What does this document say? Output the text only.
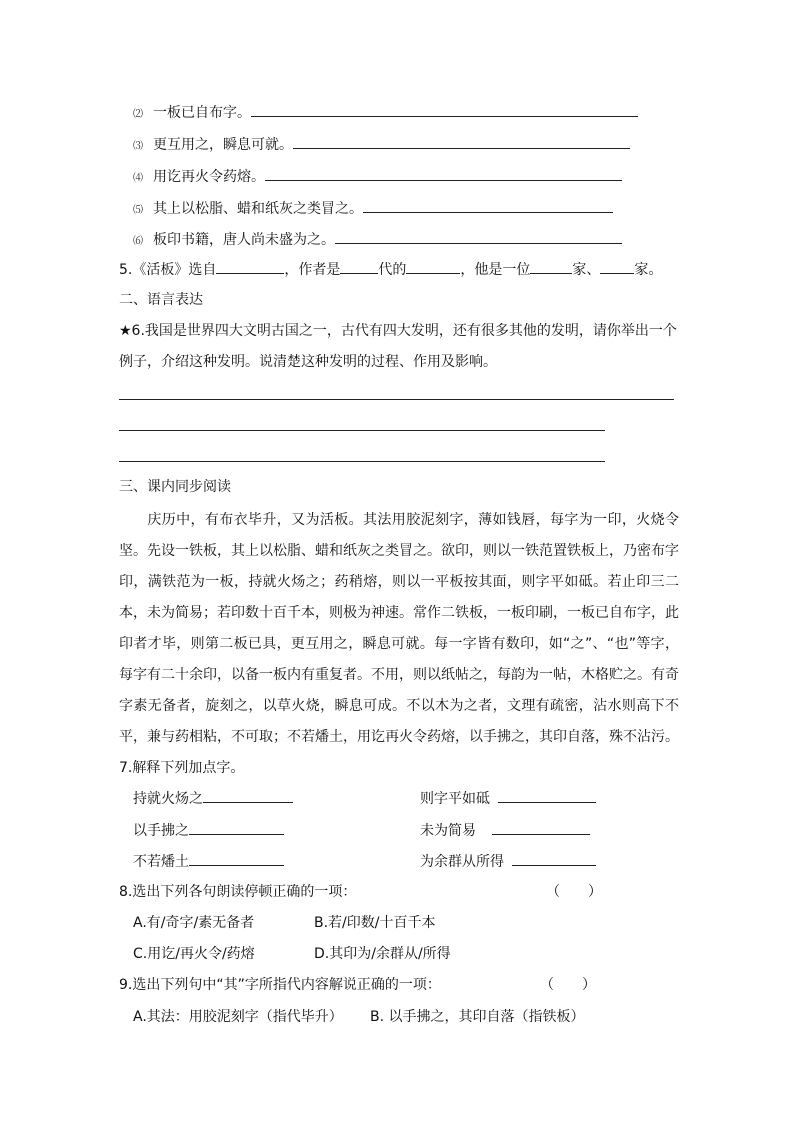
⑵ 一板已自布字。
⑶ 更互用之，瞬息可就。
⑷ 用讫再火令药熔。
⑸ 其上以松脂、蜡和纸灰之类冒之。
⑹ 板印书籍，唐人尚未盛为之。
5.《活板》选自	，作者是	代的	，他是一位	家、 家。
二、语言表达
★6.我国是世界四大文明古国之一，古代有四大发明，还有很多其他的发明，请你举出一个
例子，介绍这种发明。说清楚这种发明的过程、作用及影响。
三、课内同步阅读
庆历中，有布衣毕升，又为活板。其法用胶泥刻字，薄如钱唇，每字为一印，火烧令坚。先设一铁板，其上以松脂、蜡和纸灰之类冒之。欲印，则以一铁范置铁板上，乃密布字印，满铁范为一板，持就火炀之；药稍熔，则以一平板按其面，则字平如砥。若止印三二本，未为简易；若印数十百千本，则极为神速。常作二铁板，一板印刷，一板已自布字，此印者才毕，则第二板已具，更互用之，瞬息可就。每一字皆有数印，如“之”、“也”等字，每字有二十余印，以备一板内有重复者。不用，则以纸帖之，每韵为一帖，木格贮之。有奇字素无备者，旋刻之，以草火烧，瞬息可成。不以木为之者，文理有疏密，沾水则高下不平，兼与药相粘，不可取；不若燔土，用讫再火令药熔，以手拂之，其印自落，殊不沾污。
7.解释下列加点字。
持就火炀之	则字平如砥
以手拂之	未为简易
不若燔土	为余群从所得
8.选出下列各句朗读停顿正确的一项：	（　　）
A.有/奇字/素无备者	B.若/印数/十百千本
C.用讫/再火令/药熔	D.其印为/余群从/所得
9.选出下列句中“其”字所指代内容解说正确的一项：	（　　）
A.其法：用胶泥刻字（指代毕升） B. 以手拂之，其印自落（指铁板）
